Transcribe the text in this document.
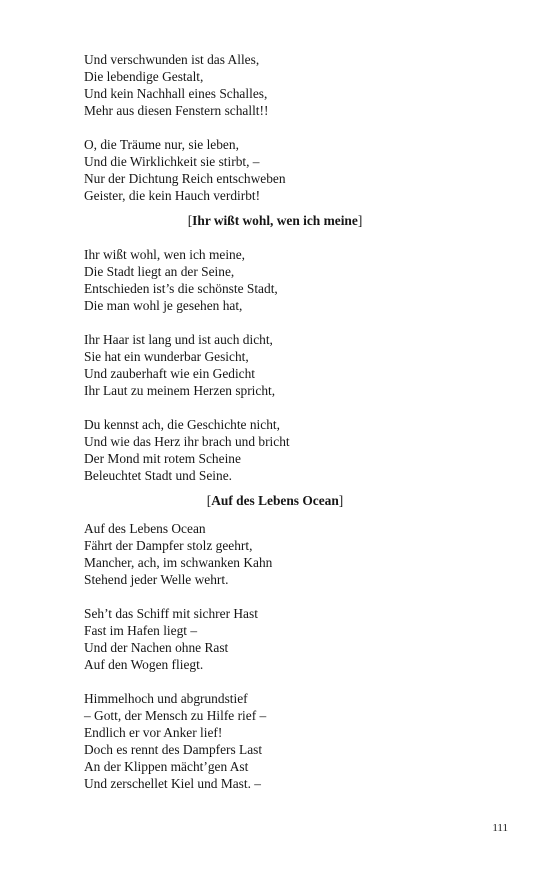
Und verschwunden ist das Alles,
Die lebendige Gestalt,
Und kein Nachhall eines Schalles,
Mehr aus diesen Fenstern schallt!!
O, die Träume nur, sie leben,
Und die Wirklichkeit sie stirbt, –
Nur der Dichtung Reich entschweben
Geister, die kein Hauch verdirbt!
[Ihr wißt wohl, wen ich meine]
Ihr wißt wohl, wen ich meine,
Die Stadt liegt an der Seine,
Entschieden ist’s die schönste Stadt,
Die man wohl je gesehen hat,
Ihr Haar ist lang und ist auch dicht,
Sie hat ein wunderbar Gesicht,
Und zauberhaft wie ein Gedicht
Ihr Laut zu meinem Herzen spricht,
Du kennst ach, die Geschichte nicht,
Und wie das Herz ihr brach und bricht
Der Mond mit rotem Scheine
Beleuchtet Stadt und Seine.
[Auf des Lebens Ocean]
Auf des Lebens Ocean
Fährt der Dampfer stolz geehrt,
Mancher, ach, im schwanken Kahn
Stehend jeder Welle wehrt.
Seh’t das Schiff mit sichrer Hast
Fast im Hafen liegt –
Und der Nachen ohne Rast
Auf den Wogen fliegt.
Himmelhoch und abgrundstief
– Gott, der Mensch zu Hilfe rief –
Endlich er vor Anker lief!
Doch es rennt des Dampfers Last
An der Klippen mächt’gen Ast
Und zerschellet Kiel und Mast. –
111
